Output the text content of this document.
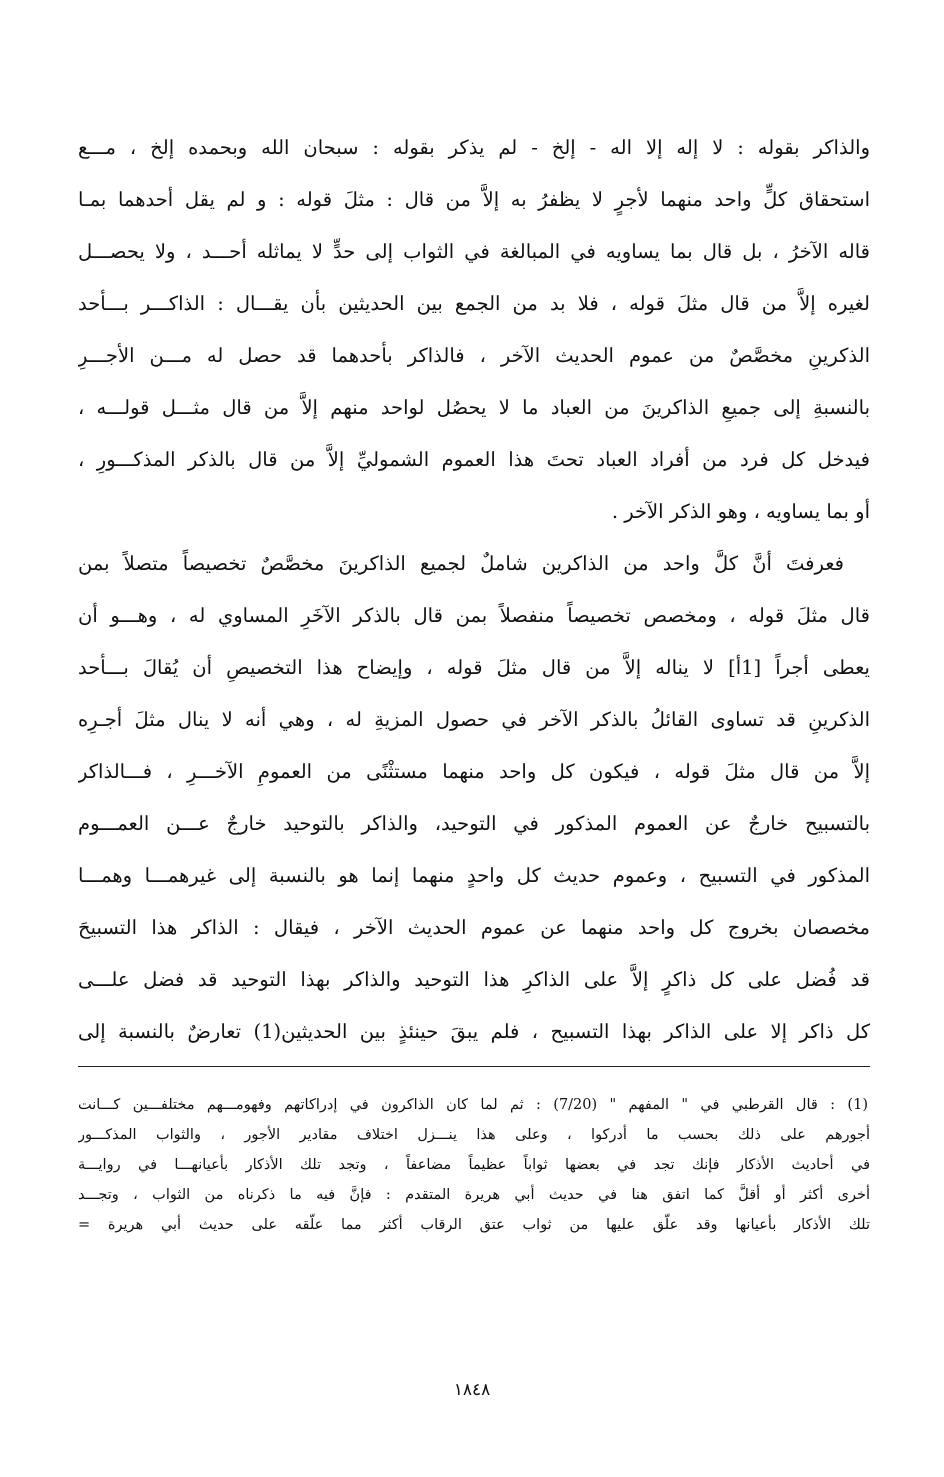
والذاكر بقوله : لا إله إلا اله - إلخ - لم يذكر بقوله : سبحان الله وبحمده إلخ ، مـــع
استحقاق كلٍّ واحد منهما لأجرٍ لا يظفرُ به إلاَّ من قال : مثلَ قوله : و لم يقل أحدهما بمـا
قاله الآخرُ ، بل قال بما يساويه في المبالغة في الثواب إلى حدٍّ لا يماثله أحـــد ، ولا يحصـــل
لغيره إلاَّ من قال مثلَ قوله ، فلا بد من الجمع بين الحديثين بأن يقـــال : الذاكـــر بـــأحد
الذكرينِ مخصَّصٌ من عموم الحديث الآخر ، فالذاكر بأحدهما قد حصل له مـــن الأجـــرِ
بالنسبةِ إلى جميعِ الذاكرينَ من العباد ما لا يحصُل لواحد منهم إلاَّ من قال مثـــل قولـــه ،
فيدخل كل فرد من أفراد العباد تحتَ هذا العموم الشموليِّ إلاَّ من قال بالذكر المذكـــورِ ،
أو بما يساويه ، وهو الذكر الآخر .
فعرفتَ أنَّ كلَّ واحد من الذاكرين شاملٌ لجميع الذاكرينَ مخصَّصٌ تخصيصاً متصلاً بمن
قال مثلَ قوله ، ومخصص تخصيصاً منفصلاً بمن قال بالذكر الآخَرِ المساوي له ، وهـــو أن
يعطى أجراً [1أ] لا يناله إلاَّ من قال مثلَ قوله ، وإيضاح هذا التخصيصِ أن يُقالَ بـــأحد
الذكرينِ قد تساوى القائلُ بالذكر الآخر في حصول المزيةِ له ، وهي أنه لا ينال مثلَ أجـرِه
إلاَّ من قال مثلَ قوله ، فيكون كل واحد منهما مستثْنًى من العمومِ الآخـــرِ ، فـــالذاكر
بالتسبيح خارجٌ عن العموم المذكور في التوحيد، والذاكر بالتوحيد خارجٌ عـــن العمـــوم
المذكور في التسبيح ، وعموم حديث كل واحدٍ منهما إنما هو بالنسبة إلى غيرهمـــا وهمـــا
مخصصان بخروج كل واحد منهما عن عموم الحديث الآخر ، فيقال : الذاكر هذا التسبيحَ
قد فُضل على كل ذاكرٍ إلاَّ على الذاكرِ هذا التوحيد والذاكر بهذا التوحيد قد فضل علـــى
كل ذاكر إلا على الذاكر بهذا التسبيح ، فلم يبقَ حينئذٍ بين الحديثين(1) تعارضٌ بالنسبة إلى
(1) : قال القرطبي في " المفهم " (7/20) : ثم لما كان الذاكرون في إدراكاتهم وفهومـــهم مختلفـــين كـــانت
أجورهم على ذلك بحسب ما أدركوا ، وعلى هذا ينـــزل اختلاف مقادير الأجور ، والثواب المذكـــور
في أحاديث الأذكار فإنك تجد في بعضها ثواباً عظيماً مضاعفاً ، وتجد تلك الأذكار بأعيانهـــا في روايـــة
أخرى أكثر أو أقلَّ كما اتفق هنا في حديث أبي هريرة المتقدم : فإنَّ فيه ما ذكرناه من الثواب ، وتجـــد
تلك الأذكار بأعيانها وقد علّق عليها من ثواب عتق الرقاب أكثر مما علّقه على حديث أبي هريرة =
١٨٤٨
